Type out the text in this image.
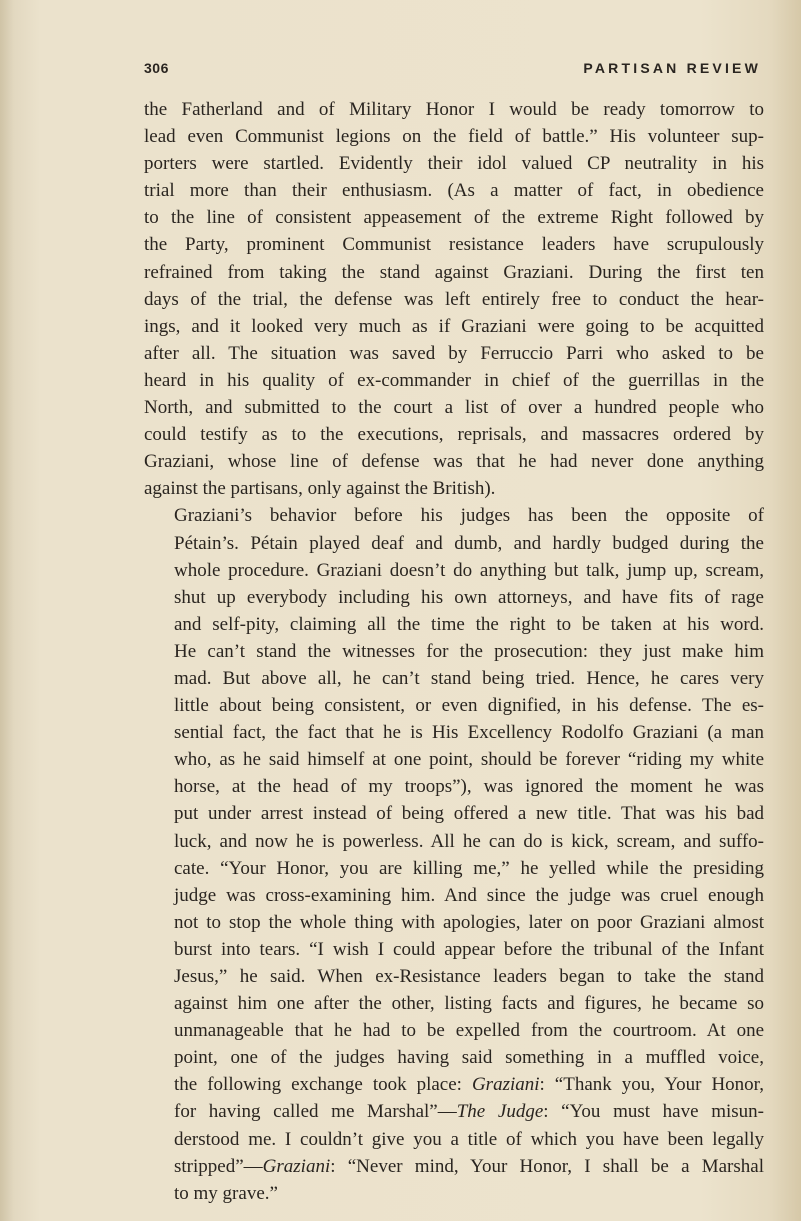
306	PARTISAN REVIEW
the Fatherland and of Military Honor I would be ready tomorrow to
lead even Communist legions on the field of battle.” His volunteer sup-
porters were startled. Evidently their idol valued CP neutrality in his
trial more than their enthusiasm. (As a matter of fact, in obedience
to the line of consistent appeasement of the extreme Right followed by
the Party, prominent Communist resistance leaders have scrupulously
refrained from taking the stand against Graziani. During the first ten
days of the trial, the defense was left entirely free to conduct the hear-
ings, and it looked very much as if Graziani were going to be acquitted
after all. The situation was saved by Ferruccio Parri who asked to be
heard in his quality of ex-commander in chief of the guerrillas in the
North, and submitted to the court a list of over a hundred people who
could testify as to the executions, reprisals, and massacres ordered by
Graziani, whose line of defense was that he had never done anything
against the partisans, only against the British).
Graziani’s behavior before his judges has been the opposite of
Pétain’s. Pétain played deaf and dumb, and hardly budged during the
whole procedure. Graziani doesn’t do anything but talk, jump up, scream,
shut up everybody including his own attorneys, and have fits of rage
and self-pity, claiming all the time the right to be taken at his word.
He can’t stand the witnesses for the prosecution: they just make him
mad. But above all, he can’t stand being tried. Hence, he cares very
little about being consistent, or even dignified, in his defense. The es-
sential fact, the fact that he is His Excellency Rodolfo Graziani (a man
who, as he said himself at one point, should be forever “riding my white
horse, at the head of my troops”), was ignored the moment he was
put under arrest instead of being offered a new title. That was his bad
luck, and now he is powerless. All he can do is kick, scream, and suffo-
cate. “Your Honor, you are killing me,” he yelled while the presiding
judge was cross-examining him. And since the judge was cruel enough
not to stop the whole thing with apologies, later on poor Graziani almost
burst into tears. “I wish I could appear before the tribunal of the Infant
Jesus,” he said. When ex-Resistance leaders began to take the stand
against him one after the other, listing facts and figures, he became so
unmanageable that he had to be expelled from the courtroom. At one
point, one of the judges having said something in a muffled voice,
the following exchange took place: Graziani: “Thank you, Your Honor,
for having called me Marshal”—The Judge: “You must have misun-
derstood me. I couldn’t give you a title of which you have been legally
stripped”—Graziani: “Never mind, Your Honor, I shall be a Marshal
to my grave.”
